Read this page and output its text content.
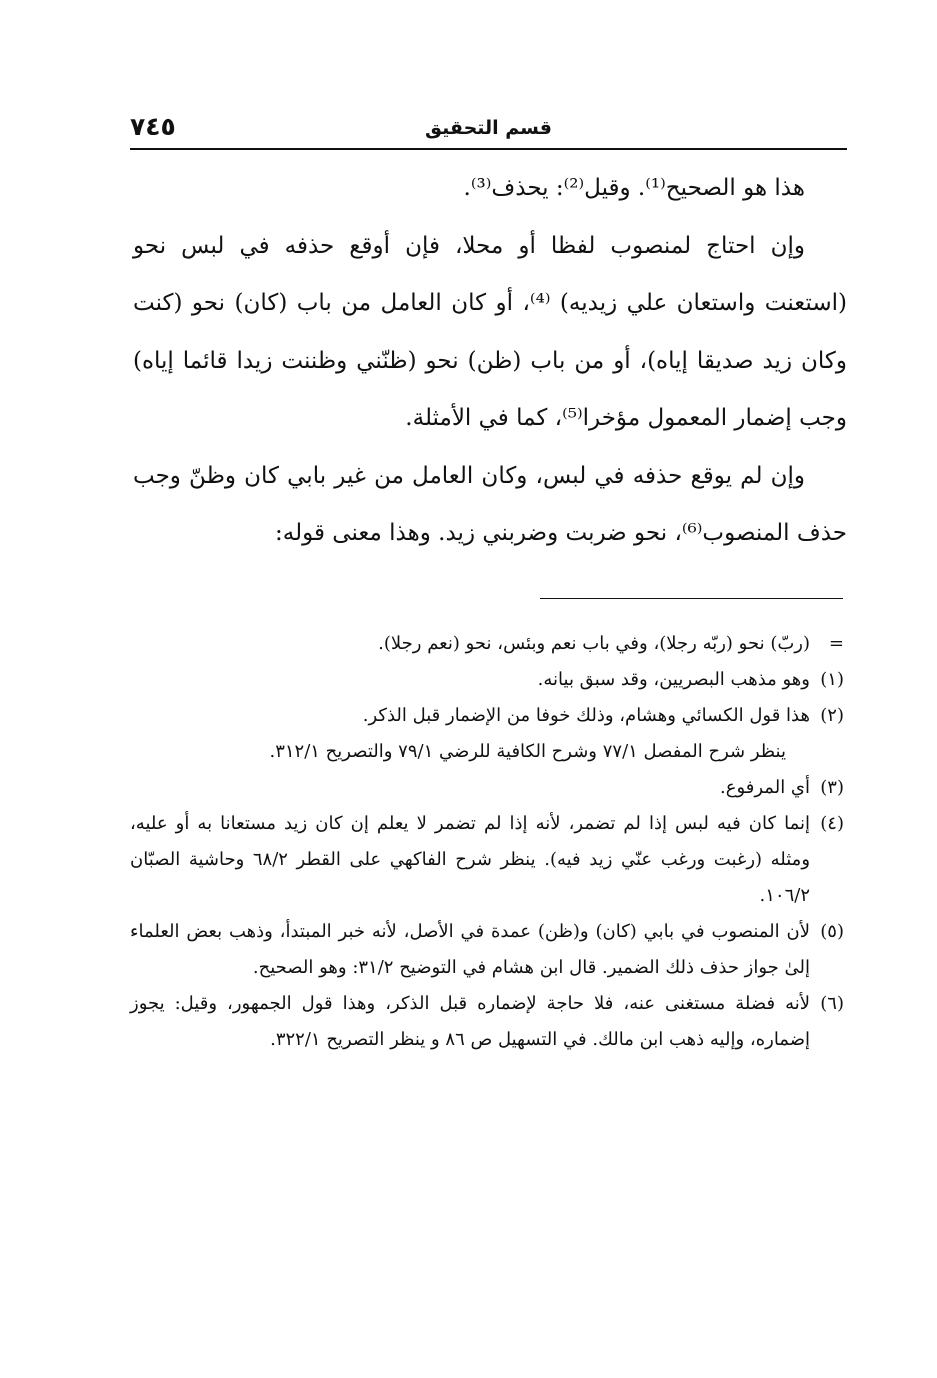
٧٤٥	قسم التحقيق

هذا هو الصحيح⁽¹⁾. وقيل⁽²⁾: يحذف⁽³⁾.

وإن احتاج لمنصوب لفظا أو محلا، فإن أوقع حذفه في لبس نحو (استعنت واستعان علي زيديه) ⁽⁴⁾، أو كان العامل من باب (كان) نحو (كنت وكان زيد صديقا إياه)، أو من باب (ظن) نحو (ظنّني وظننت زيدا قائما إياه) وجب إضمار المعمول مؤخرا⁽⁵⁾، كما في الأمثلة.

وإن لم يوقع حذفه في لبس، وكان العامل من غير بابي كان وظنّ وجب حذف المنصوب⁽⁶⁾، نحو ضربت وضربني زيد. وهذا معنى قوله:

=
(ربّ) نحو (ربّه رجلا)، وفي باب نعم وبئس، نحو (نعم رجلا).
(١)
وهو مذهب البصريين، وقد سبق بيانه.
(٢)
هذا قول الكسائي وهشام، وذلك خوفا من الإضمار قبل الذكر.
ينظر شرح المفصل ٧٧/١ وشرح الكافية للرضي ٧٩/١ والتصريح ٣١٢/١.
(٣)
أي المرفوع.
(٤)
إنما كان فيه لبس إذا لم تضمر، لأنه إذا لم تضمر لا يعلم إن كان زيد مستعانا به أو عليه، ومثله (رغبت ورغب عنّي زيد فيه). ينظر شرح الفاكهي على القطر ٦٨/٢ وحاشية الصبّان ١٠٦/٢.
(٥)
لأن المنصوب في بابي (كان) و(ظن) عمدة في الأصل، لأنه خبر المبتدأ، وذهب بعض العلماء إلىٰ جواز حذف ذلك الضمير. قال ابن هشام في التوضيح ٣١/٢: وهو الصحيح.
(٦)
لأنه فضلة مستغنى عنه، فلا حاجة لإضماره قبل الذكر، وهذا قول الجمهور، وقيل: يجوز إضماره، وإليه ذهب ابن مالك. في التسهيل ص ٨٦ و ينظر التصريح ٣٢٢/١.
